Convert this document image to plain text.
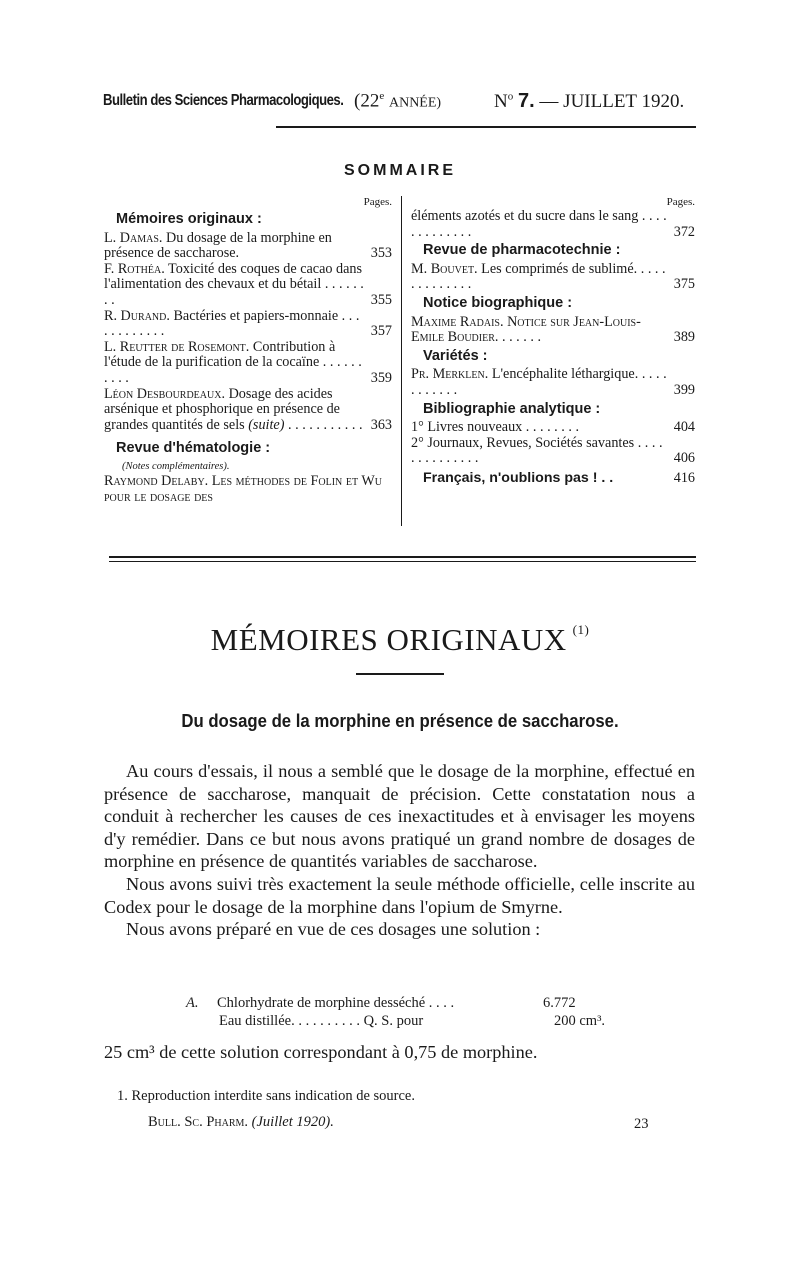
Bulletin des Sciences Pharmacologiques. (22e ANNÉE)	$N^o$ 7. — JUILLET 1920.
SOMMAIRE
Pages.
Mémoires originaux :
L. Damas. Du dosage de la morphine en présence de saccharose.	353
F. Rothéa. Toxicité des coques de cacao dans l'alimentation des chevaux et du bétail . . . . . . . .	355
R. Durand. Bactéries et papiers-monnaie . . . . . . . . . . . .	357
L. Reutter de Rosemont. Contribution à l'étude de la purification de la cocaïne . . . . . . . . . .	359
Léon Desbourdeaux. Dosage des acides arsénique et phosphorique en présence de grandes quantités de sels (suite) . . . . . . . . . . . 363
Revue d'hématologie :
(Notes complémentaires).
Raymond Delaby. Les méthodes de Folin et Wu pour le dosage des
Pages.
éléments azotés et du sucre dans le sang . . . . . . . . . . . . .	372
Revue de pharmacotechnie :
M. Bouvet. Les comprimés de sublimé. . . . . . . . . . . . . .	375
Notice biographique :
Maxime Radais. Notice sur Jean-Louis-Emile Boudier. . . . . . .	389
Variétés :
Pr. Merklen. L'encéphalite léthargique. . . . . . . . . . . .	399
Bibliographie analytique :
1° Livres nouveaux . . . . . . . .	404
2° Journaux, Revues, Sociétés savantes . . . . . . . . . . . . . .	406
Français, n'oublions pas ! . .	416
MÉMOIRES ORIGINAUX $^{(1)}$
Du dosage de la morphine en présence de saccharose.

Au cours d'essais, il nous a semblé que le dosage de la morphine, effectué en présence de saccharose, manquait de précision. Cette constatation nous a conduit à rechercher les causes de ces inexactitudes et à envisager les moyens d'y remédier. Dans ce but nous avons pratiqué un grand nombre de dosages de morphine en présence de quantités variables de saccharose.

Nous avons suivi très exactement la seule méthode officielle, celle inscrite au Codex pour le dosage de la morphine dans l'opium de Smyrne.

Nous avons préparé en vue de ces dosages une solution :

A. Chlorhydrate de morphine desséché . . . .	6.772
Eau distillée. . . . . . . . . . Q. S. pour	200 cm³.
25 cm³ de cette solution correspondant à 0,75 de morphine.
1. Reproduction interdite sans indication de source.
Bull. Sc. Pharm. (Juillet 1920).	23
